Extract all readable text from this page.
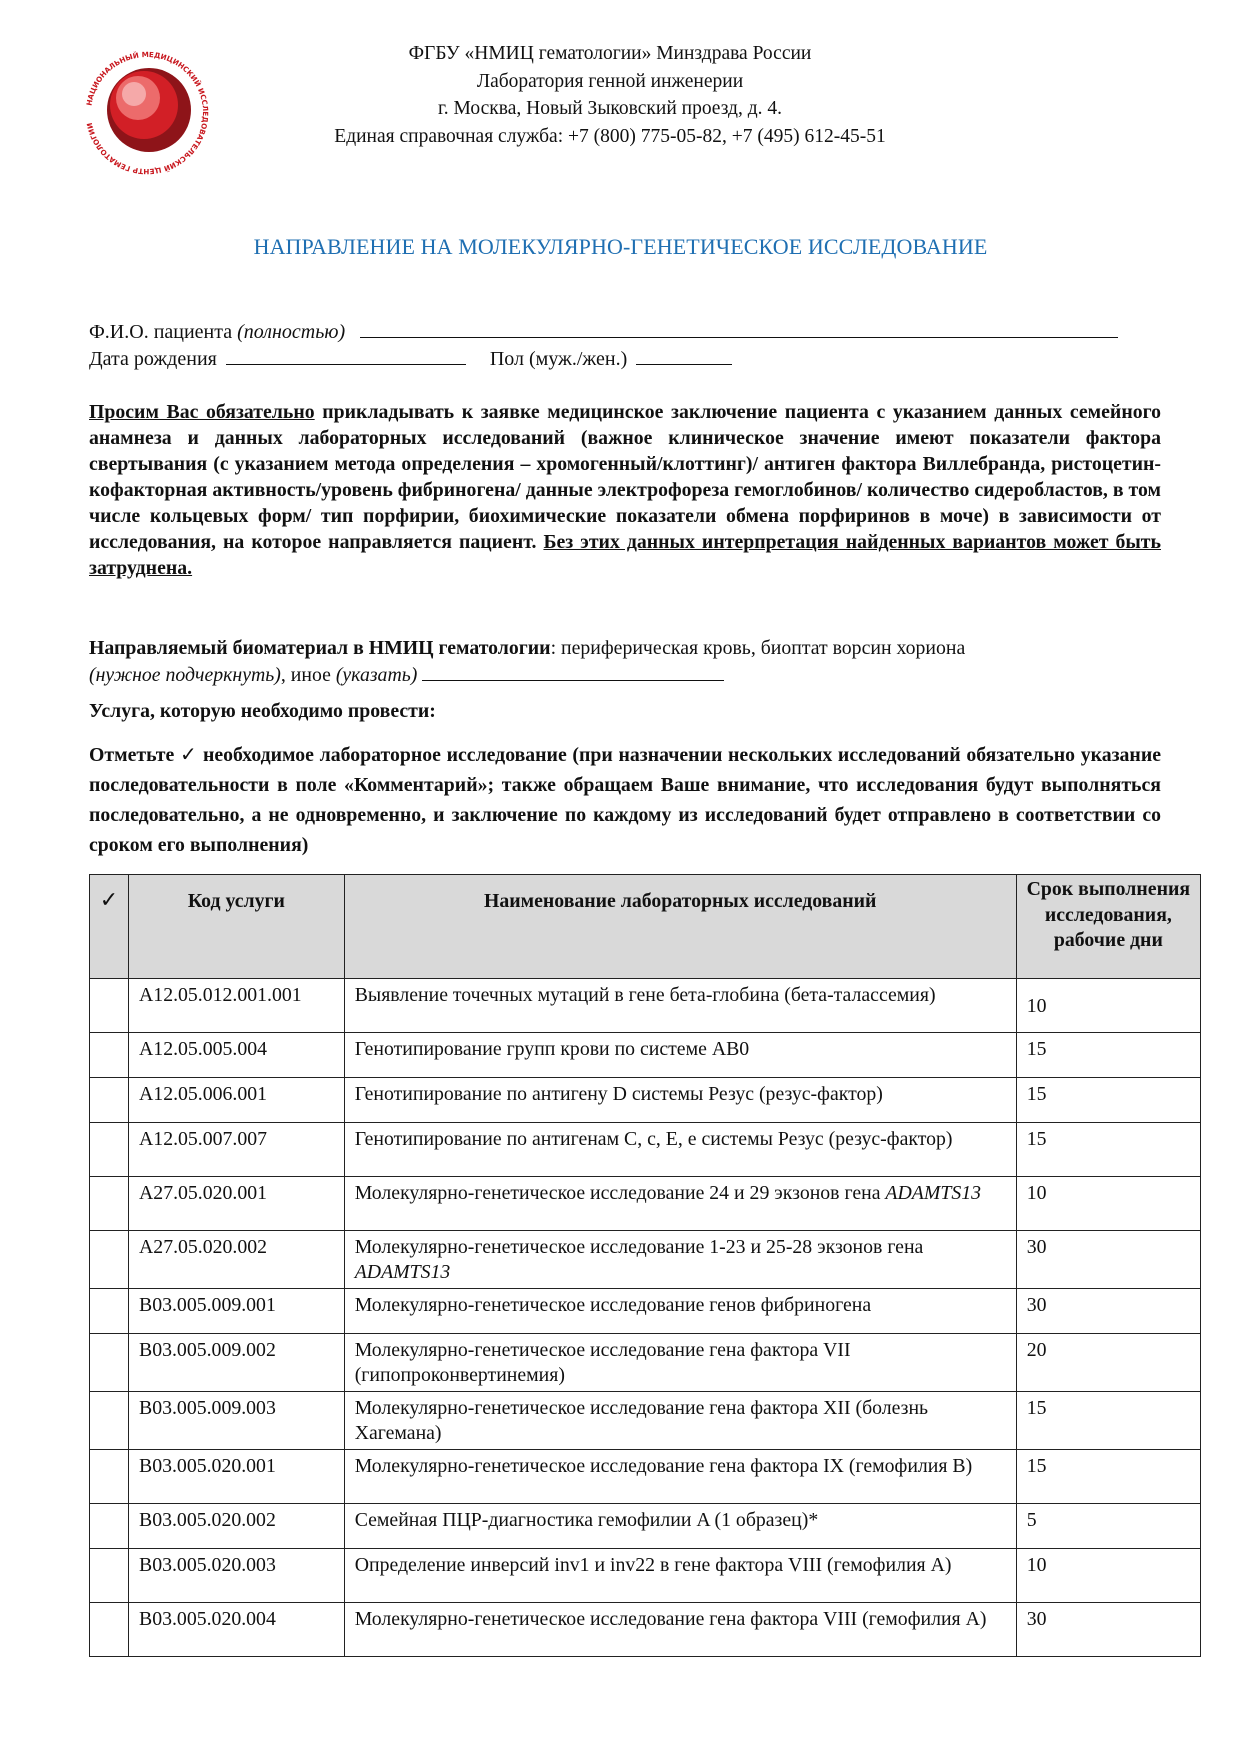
НАЦИОНАЛЬНЫЙ МЕДИЦИНСКИЙ ИССЛЕДОВАТЕЛЬСКИЙ ЦЕНТР ГЕМАТОЛОГИИ
ФГБУ «НМИЦ гематологии» Минздрава России
Лаборатория генной инженерии
г. Москва, Новый Зыковский проезд, д. 4.
Единая справочная служба: +7 (800) 775-05-82, +7 (495) 612-45-51
НАПРАВЛЕНИЕ НА МОЛЕКУЛЯРНО-ГЕНЕТИЧЕСКОЕ ИССЛЕДОВАНИЕ
Ф.И.О. пациента (полностью)
Дата рождения	Пол (муж./жен.)
Просим Вас обязательно прикладывать к заявке медицинское заключение пациента с указанием данных семейного анамнеза и данных лабораторных исследований (важное клиническое значение имеют показатели фактора свертывания (с указанием метода определения – хромогенный/клоттинг)/ антиген фактора Виллебранда, ристоцетин-кофакторная активность/уровень фибриногена/ данные электрофореза гемоглобинов/ количество сидеробластов, в том числе кольцевых форм/ тип порфирии, биохимические показатели обмена порфиринов в моче) в зависимости от исследования, на которое направляется пациент. Без этих данных интерпретация найденных вариантов может быть затруднена.
Направляемый биоматериал в НМИЦ гематологии: периферическая кровь, биоптат ворсин хориона
(нужное подчеркнуть), иное (указать)
Услуга, которую необходимо провести:
Отметьте ✓ необходимое лабораторное исследование (при назначении нескольких исследований обязательно указание последовательности в поле «Комментарий»; также обращаем Ваше внимание, что исследования будут выполняться последовательно, а не одновременно, и заключение по каждому из исследований будет отправлено в соответствии со сроком его выполнения)
✓	Код услуги	Наименование лабораторных исследований	Срок выполнения исследования, рабочие дни
	A12.05.012.001.001	Выявление точечных мутаций в гене бета-глобина (бета-талассемия)	10
	A12.05.005.004	Генотипирование групп крови по системе AB0	15
	A12.05.006.001	Генотипирование по антигену D системы Резус (резус-фактор)	15
	A12.05.007.007	Генотипирование по антигенам C, c, E, e системы Резус (резус-фактор)	15
	A27.05.020.001	Молекулярно-генетическое исследование 24 и 29 экзонов гена ADAMTS13	10
	A27.05.020.002	Молекулярно-генетическое исследование 1-23 и 25-28 экзонов гена ADAMTS13	30
	B03.005.009.001	Молекулярно-генетическое исследование генов фибриногена	30
	B03.005.009.002	Молекулярно-генетическое исследование гена фактора VII (гипопроконвертинемия)	20
	B03.005.009.003	Молекулярно-генетическое исследование гена фактора XII (болезнь Хагемана)	15
	B03.005.020.001	Молекулярно-генетическое исследование гена фактора IX (гемофилия B)	15
	B03.005.020.002	Семейная ПЦР-диагностика гемофилии A (1 образец)*	5
	B03.005.020.003	Определение инверсий inv1 и inv22 в гене фактора VIII (гемофилия A)	10
	B03.005.020.004	Молекулярно-генетическое исследование гена фактора VIII (гемофилия A)	30
